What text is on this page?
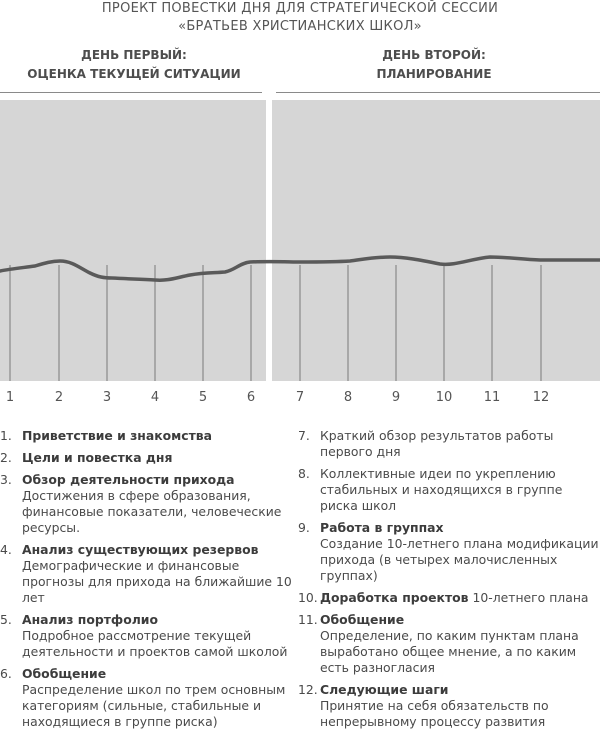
ПРОЕКТ ПОВЕСТКИ ДНЯ ДЛЯ СТРАТЕГИЧЕСКОЙ СЕССИИ
«БРАТЬЕВ ХРИСТИАНСКИХ ШКОЛ»
ДЕНЬ ПЕРВЫЙ:
ОЦЕНКА ТЕКУЩЕЙ СИТУАЦИИ
ДЕНЬ ВТОРОЙ:
ПЛАНИРОВАНИЕ
1	2	3	4	5	6	7	8	9	10	11	12
1. Приветствие и знакомства
2. Цели и повестка дня
3. Обзор деятельности прихода
Достижения в сфере образования, финансовые показатели, человеческие ресурсы.
4. Анализ существующих резервов
Демографические и финансовые прогнозы для прихода на ближайшие 10 лет
5. Анализ портфолио
Подробное рассмотрение текущей деятельности и проектов самой школой
6. Обобщение
Распределение школ по трем основным категориям (сильные, стабильные и находящиеся в группе риска)
7. Краткий обзор результатов работы первого дня
8. Коллективные идеи по укреплению стабильных и находящихся в группе риска школ
9. Работа в группах
Создание 10-летнего плана модификации прихода (в четырех малочисленных группах)
10. Доработка проектов 10-летнего плана
11. Обобщение
Определение, по каким пунктам плана выработано общее мнение, а по каким есть разногласия
12. Следующие шаги
Принятие на себя обязательств по непрерывному процессу развития
